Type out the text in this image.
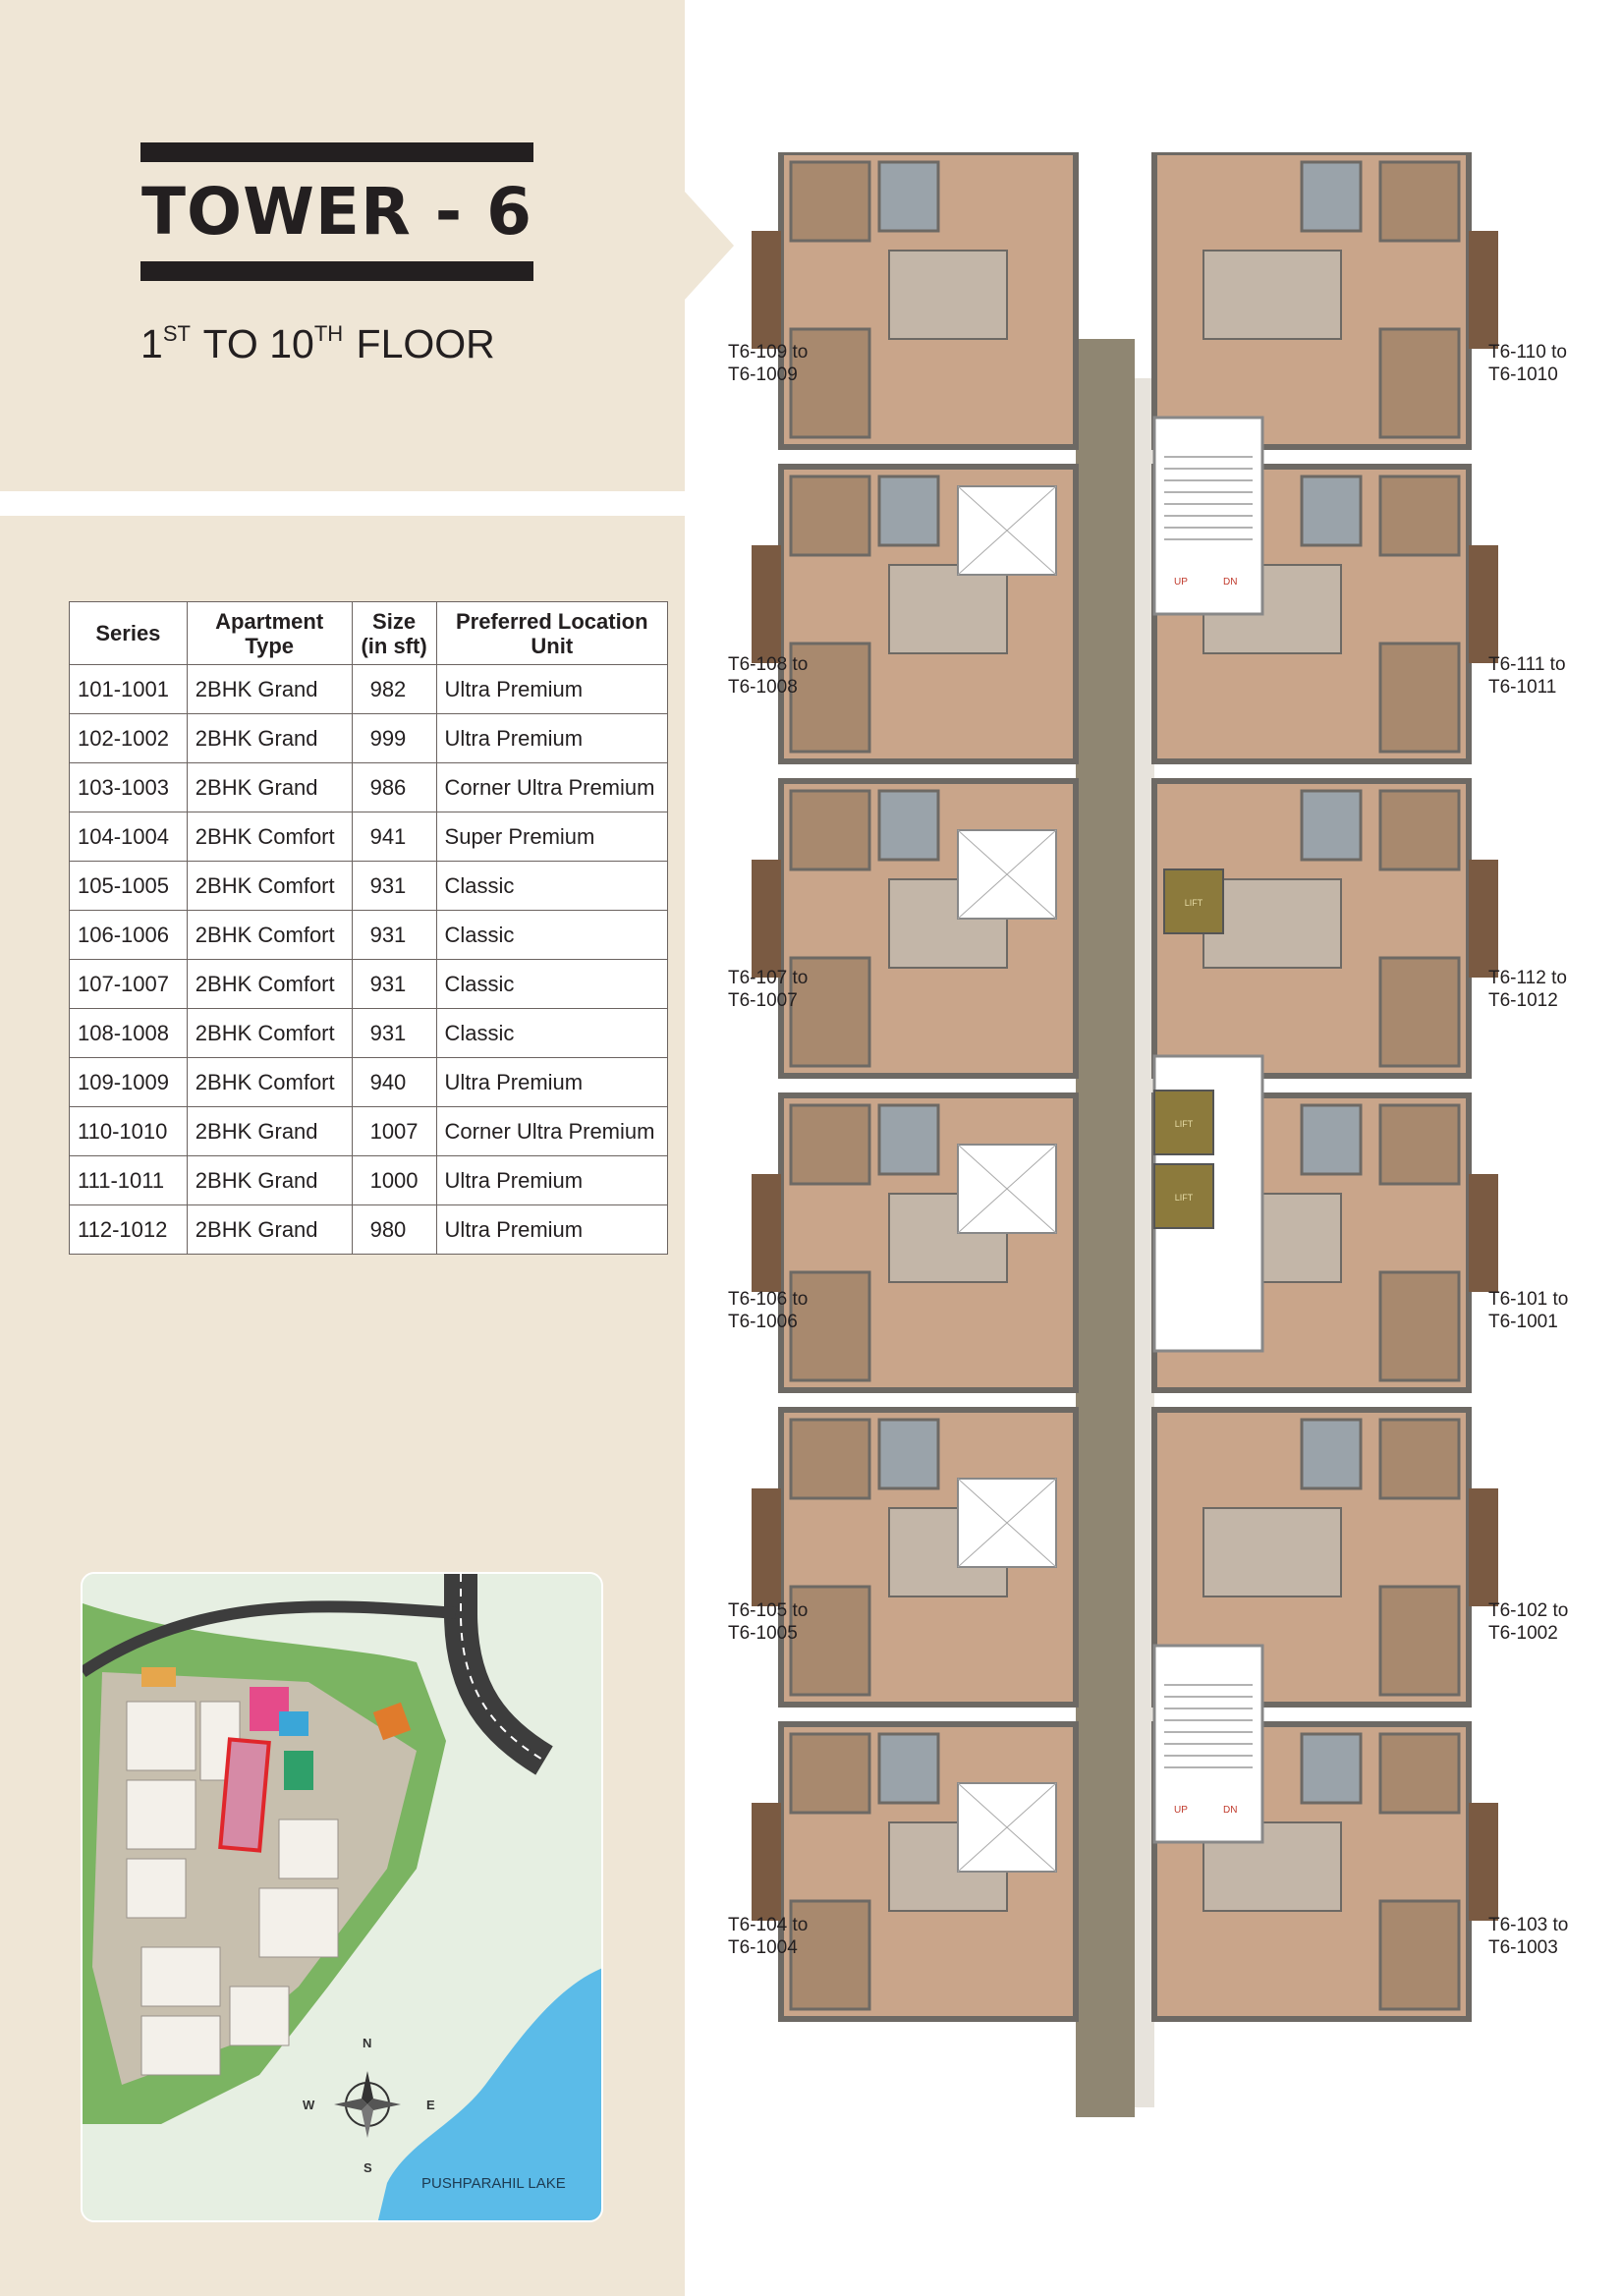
TOWER - 6
1ST TO 10TH FLOOR
Series	Apartment Type	Size (in sft)	Preferred Location Unit
101-1001	2BHK Grand	982	Ultra Premium
102-1002	2BHK Grand	999	Ultra Premium
103-1003	2BHK Grand	986	Corner Ultra Premium
104-1004	2BHK Comfort	941	Super Premium
105-1005	2BHK Comfort	931	Classic
106-1006	2BHK Comfort	931	Classic
107-1007	2BHK Comfort	931	Classic
108-1008	2BHK Comfort	931	Classic
109-1009	2BHK Comfort	940	Ultra Premium
110-1010	2BHK Grand	1007	Corner Ultra Premium
111-1011	2BHK Grand	1000	Ultra Premium
112-1012	2BHK Grand	980	Ultra Premium
N
S
E
W
PUSHPARAHIL LAKE
UP	DN
UP	DN
LIFT
LIFT
LIFT
T6-109 to
T6-1009
T6-108 to
T6-1008
T6-107 to
T6-1007
T6-106 to
T6-1006
T6-105 to
T6-1005
T6-104 to
T6-1004
T6-110 to
T6-1010
T6-111 to
T6-1011
T6-112 to
T6-1012
T6-101 to
T6-1001
T6-102 to
T6-1002
T6-103 to
T6-1003
